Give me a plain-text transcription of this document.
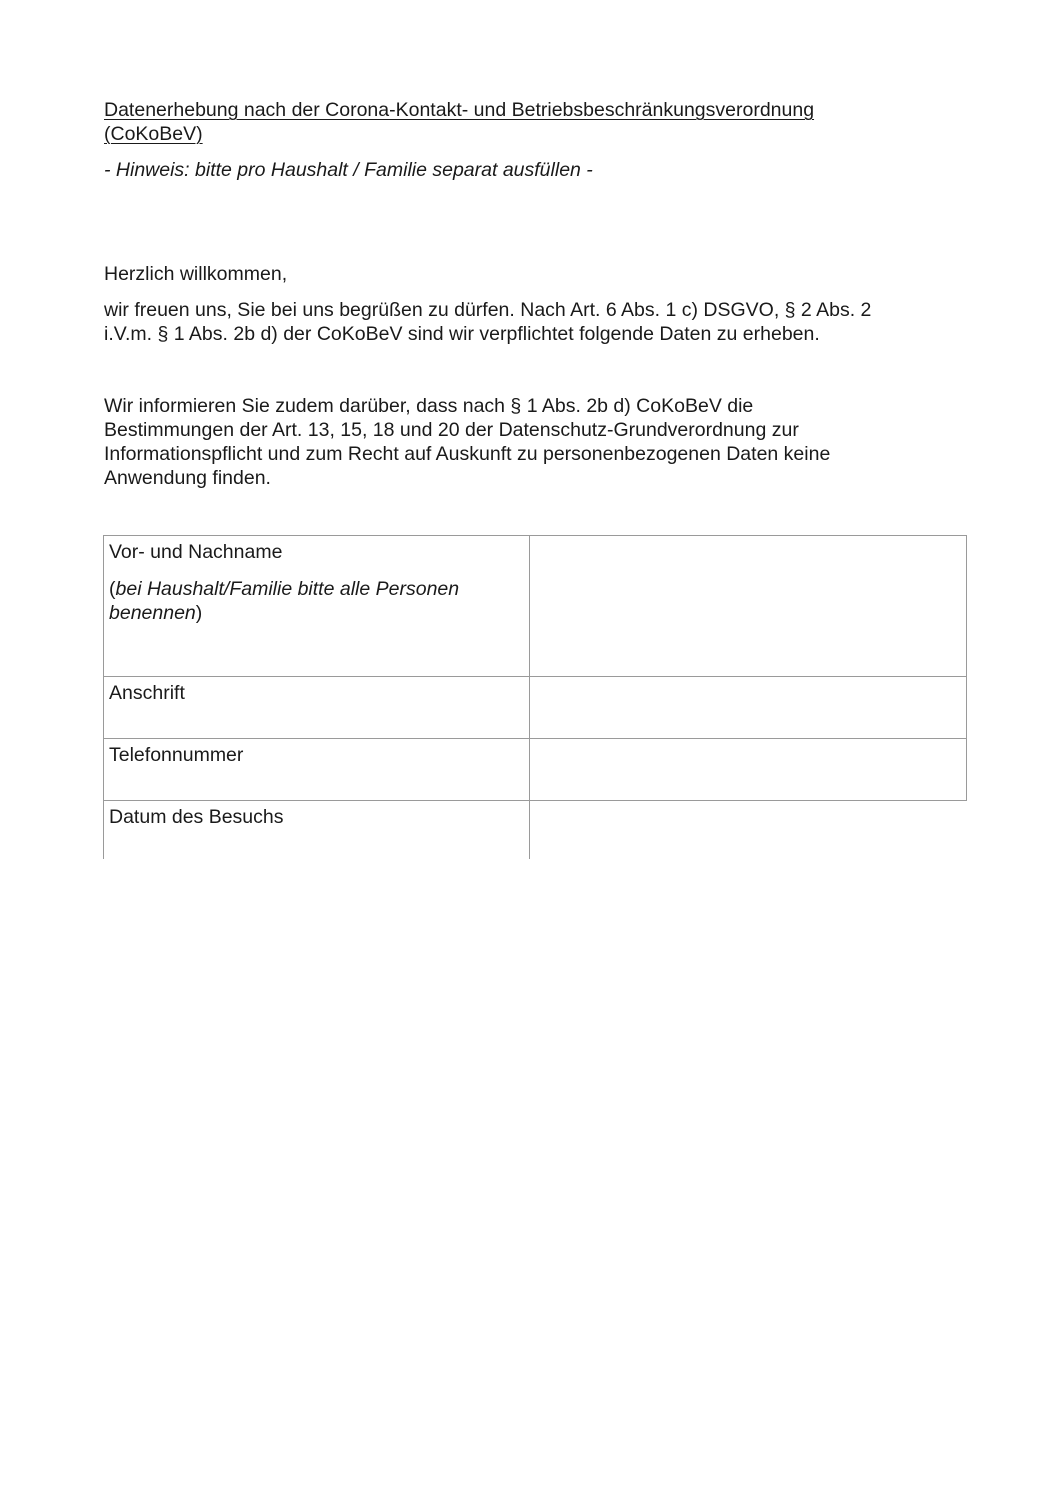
Datenerhebung nach der Corona-Kontakt- und Betriebsbeschränkungsverordnung
(CoKoBeV)
- Hinweis: bitte pro Haushalt / Familie separat ausfüllen -
Herzlich willkommen,
wir freuen uns, Sie bei uns begrüßen zu dürfen. Nach Art. 6 Abs. 1 c) DSGVO, § 2 Abs. 2
i.V.m. § 1 Abs. 2b d) der CoKoBeV sind wir verpflichtet folgende Daten zu erheben.
Wir informieren Sie zudem darüber, dass nach § 1 Abs. 2b d) CoKoBeV die
Bestimmungen der Art. 13, 15, 18 und 20 der Datenschutz-Grundverordnung zur
Informationspflicht und zum Recht auf Auskunft zu personenbezogenen Daten keine
Anwendung finden.
Vor- und Nachname
(bei Haushalt/Familie bitte alle Personen benennen)	

Anschrift	
Telefonnummer	
Datum des Besuchs	
